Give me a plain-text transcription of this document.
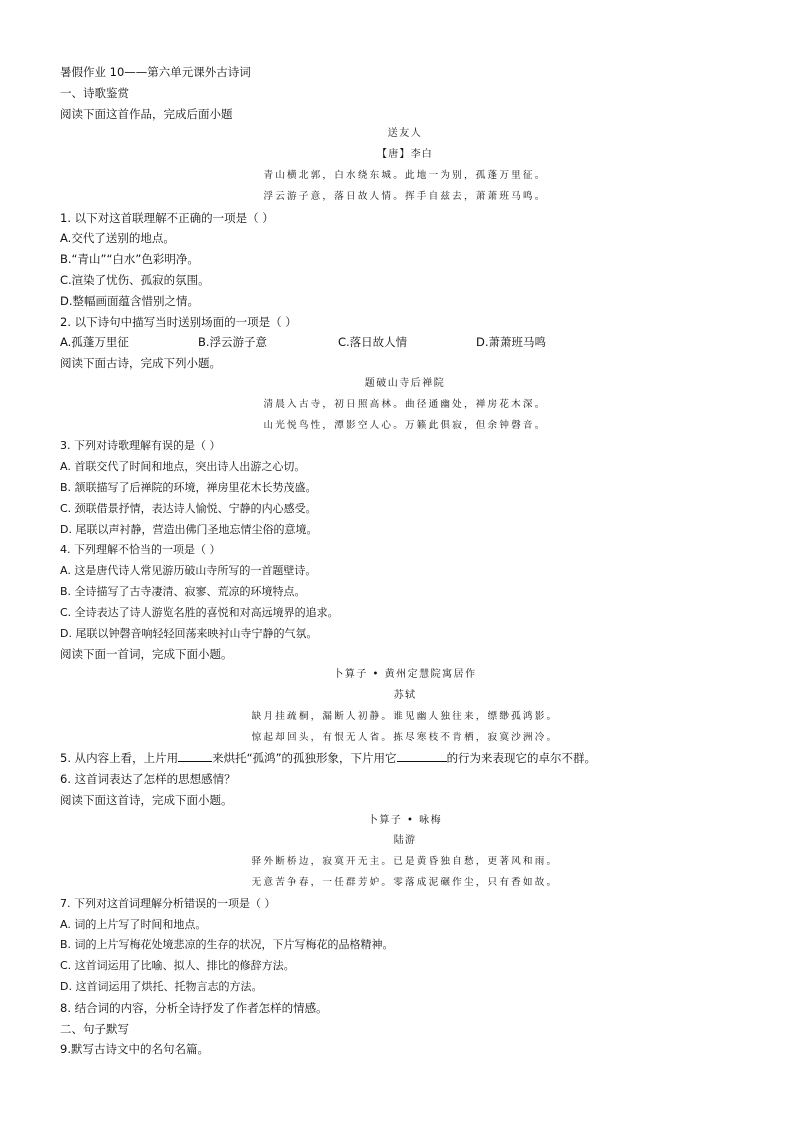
暑假作业 10——第六单元课外古诗词
一、诗歌鉴赏
阅读下面这首作品，完成后面小题
送友人
【唐】李白
青山横北郭，白水绕东城。此地一为别，孤蓬万里征。
浮云游子意，落日故人情。挥手自兹去，萧萧班马鸣。
1. 以下对这首联理解不正确的一项是（ ）
A.交代了送别的地点。
B.“青山”“白水”色彩明净。
C.渲染了忧伤、孤寂的氛围。
D.整幅画面蕴含惜别之情。
2. 以下诗句中描写当时送别场面的一项是（ ）
A.孤蓬万里征	B.浮云游子意	C.落日故人情	D.萧萧班马鸣
阅读下面古诗，完成下列小题。
题破山寺后禅院
清晨入古寺，初日照高林。曲径通幽处，禅房花木深。
山光悦鸟性，潭影空人心。万籁此俱寂，但余钟磬音。
3. 下列对诗歌理解有误的是（ ）
A. 首联交代了时间和地点，突出诗人出游之心切。
B. 颔联描写了后禅院的环境，禅房里花木长势茂盛。
C. 颈联借景抒情，表达诗人愉悦、宁静的内心感受。
D. 尾联以声衬静，营造出佛门圣地忘情尘俗的意境。
4. 下列理解不恰当的一项是（ ）
A. 这是唐代诗人常见游历破山寺所写的一首题壁诗。
B. 全诗描写了古寺凄清、寂寥、荒凉的环境特点。
C. 全诗表达了诗人游览名胜的喜悦和对高远境界的追求。
D. 尾联以钟磬音响轻轻回荡来映衬山寺宁静的气氛。
阅读下面一首词，完成下面小题。
卜算子 • 黄州定慧院寓居作
苏轼
缺月挂疏桐，漏断人初静。谁见幽人独往来，缥缈孤鸿影。
惊起却回头，有恨无人省。拣尽寒枝不肯栖，寂寞沙洲冷。
5. 从内容上看，上片用	来烘托“孤鸿”的孤独形象，下片用它	的行为来表现它的卓尔不群。
6. 这首词表达了怎样的思想感情？
阅读下面这首诗，完成下面小题。
卜算子 • 咏梅
陆游
驿外断桥边，寂寞开无主。已是黄昏独自愁，更著风和雨。
无意苦争春，一任群芳妒。零落成泥碾作尘，只有香如故。
7. 下列对这首词理解分析错误的一项是（ ）
A. 词的上片写了时间和地点。
B. 词的上片写梅花处境悲凉的生存的状况，下片写梅花的品格精神。
C. 这首词运用了比喻、拟人、排比的修辞方法。
D. 这首词运用了烘托、托物言志的方法。
8. 结合词的内容，分析全诗抒发了作者怎样的情感。
二、句子默写
9.默写古诗文中的名句名篇。
